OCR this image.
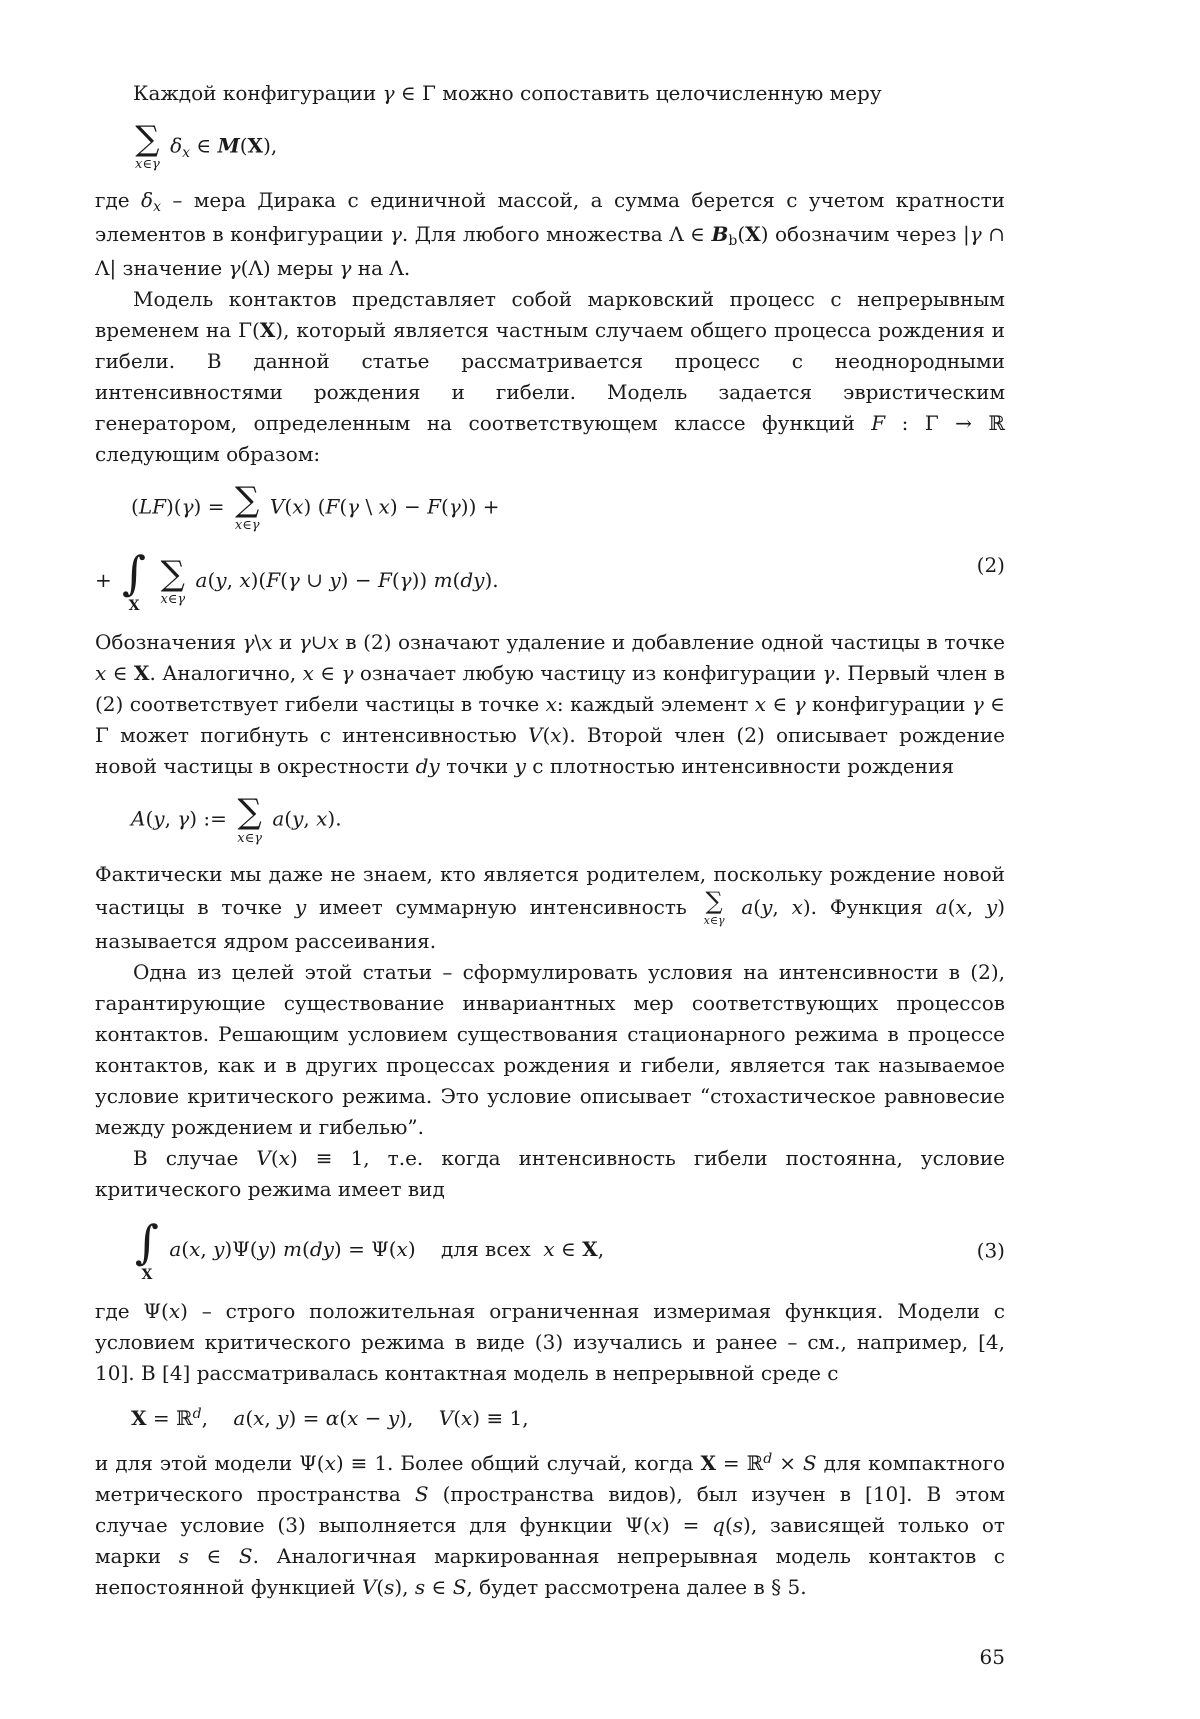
Каждой конфигурации γ ∈ Γ можно сопоставить целочисленную меру

∑
x∈γ
$\delta_x$ ∈ M(X),

где $\delta_x$ – мера Дирака с единичной массой, а сумма берется с учетом кратности элементов в конфигурации γ. Для любого множества Λ ∈ $B_b(X)$ обозначим через |γ ∩ Λ| значение γ(Λ) меры γ на Λ.

Модель контактов представляет собой марковский процесс с непрерывным временем на Γ(X), который является частным случаем общего процесса рождения и гибели. В данной статье рассматривается процесс с неоднородными интенсивностями рождения и гибели. Модель задается эвристическим генератором, определенным на соответствующем классе функций F : Γ → ℝ следующим образом:

(LF)(γ) = ∑
x∈γ
V(x) (F(γ \ x) − F(γ)) +
+ ∫
X

∑
x∈γ
a(y, x)(F(γ ∪ y) − F(γ)) m(dy).
(2)

Обозначения γ\x и γ∪x в (2) означают удаление и добавление одной частицы в точке x ∈ X. Аналогично, x ∈ γ означает любую частицу из конфигурации γ. Первый член в (2) соответствует гибели частицы в точке x: каждый элемент x ∈ γ конфигурации γ ∈ Γ может погибнуть с интенсивностью V(x). Второй член (2) описывает рождение новой частицы в окрестности dy точки y с плотностью интенсивности рождения

A(y, γ) := ∑
x∈γ
a(y, x).

Фактически мы даже не знаем, кто является родителем, поскольку рождение новой частицы в точке y имеет суммарную интенсивность ∑
x∈γ
a(y, x). Функция a(x, y) называется ядром рассеивания.

Одна из целей этой статьи – сформулировать условия на интенсивности в (2), гарантирующие существование инвариантных мер соответствующих процессов контактов. Решающим условием существования стационарного режима в процессе контактов, как и в других процессах рождения и гибели, является так называемое условие критического режима. Это условие описывает “стохастическое равновесие между рождением и гибелью”.

В случае V(x) ≡ 1, т.е. когда интенсивность гибели постоянна, условие критического режима имеет вид

∫
X
a(x, y)Ψ(y) m(dy) = Ψ(x)    для всех  x ∈ X,	(3)

где Ψ(x) – строго положительная ограниченная измеримая функция. Модели с условием критического режима в виде (3) изучались и ранее – см., например, [4, 10]. В [4] рассматривалась контактная модель в непрерывной среде с

X = ℝ$^d$,    a(x, y) = α(x − y),    V(x) ≡ 1,

и для этой модели Ψ(x) ≡ 1. Более общий случай, когда X = ℝ$^d$ × S для компактного метрического пространства S (пространства видов), был изучен в [10]. В этом случае условие (3) выполняется для функции Ψ(x) = q(s), зависящей только от марки s ∈ S. Аналогичная маркированная непрерывная модель контактов с непостоянной функцией V(s), s ∈ S, будет рассмотрена далее в § 5.

65
